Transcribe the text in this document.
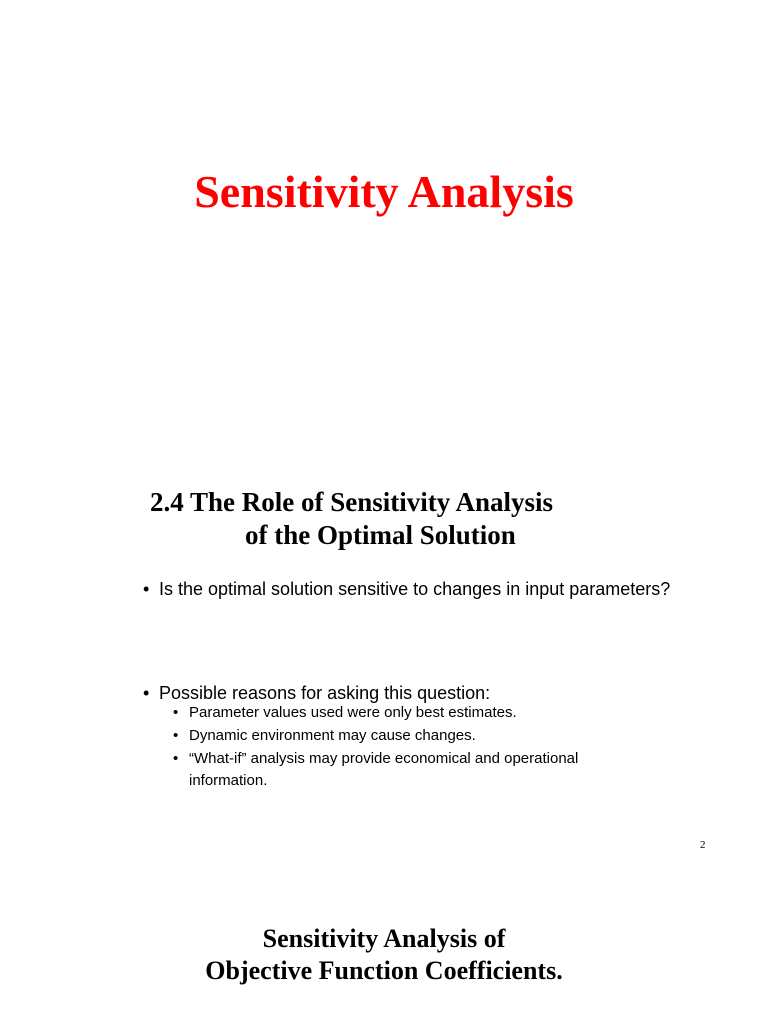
Sensitivity Analysis
2.4 The Role of Sensitivity Analysis
of the Optimal Solution

• Is the optimal solution sensitive to changes in input parameters?

• Possible reasons for asking this question:

• Parameter values used were only best estimates.

• Dynamic environment may cause changes.

• “What-if” analysis may provide economical and operational information.

2

Sensitivity Analysis of
Objective Function Coefficients.
